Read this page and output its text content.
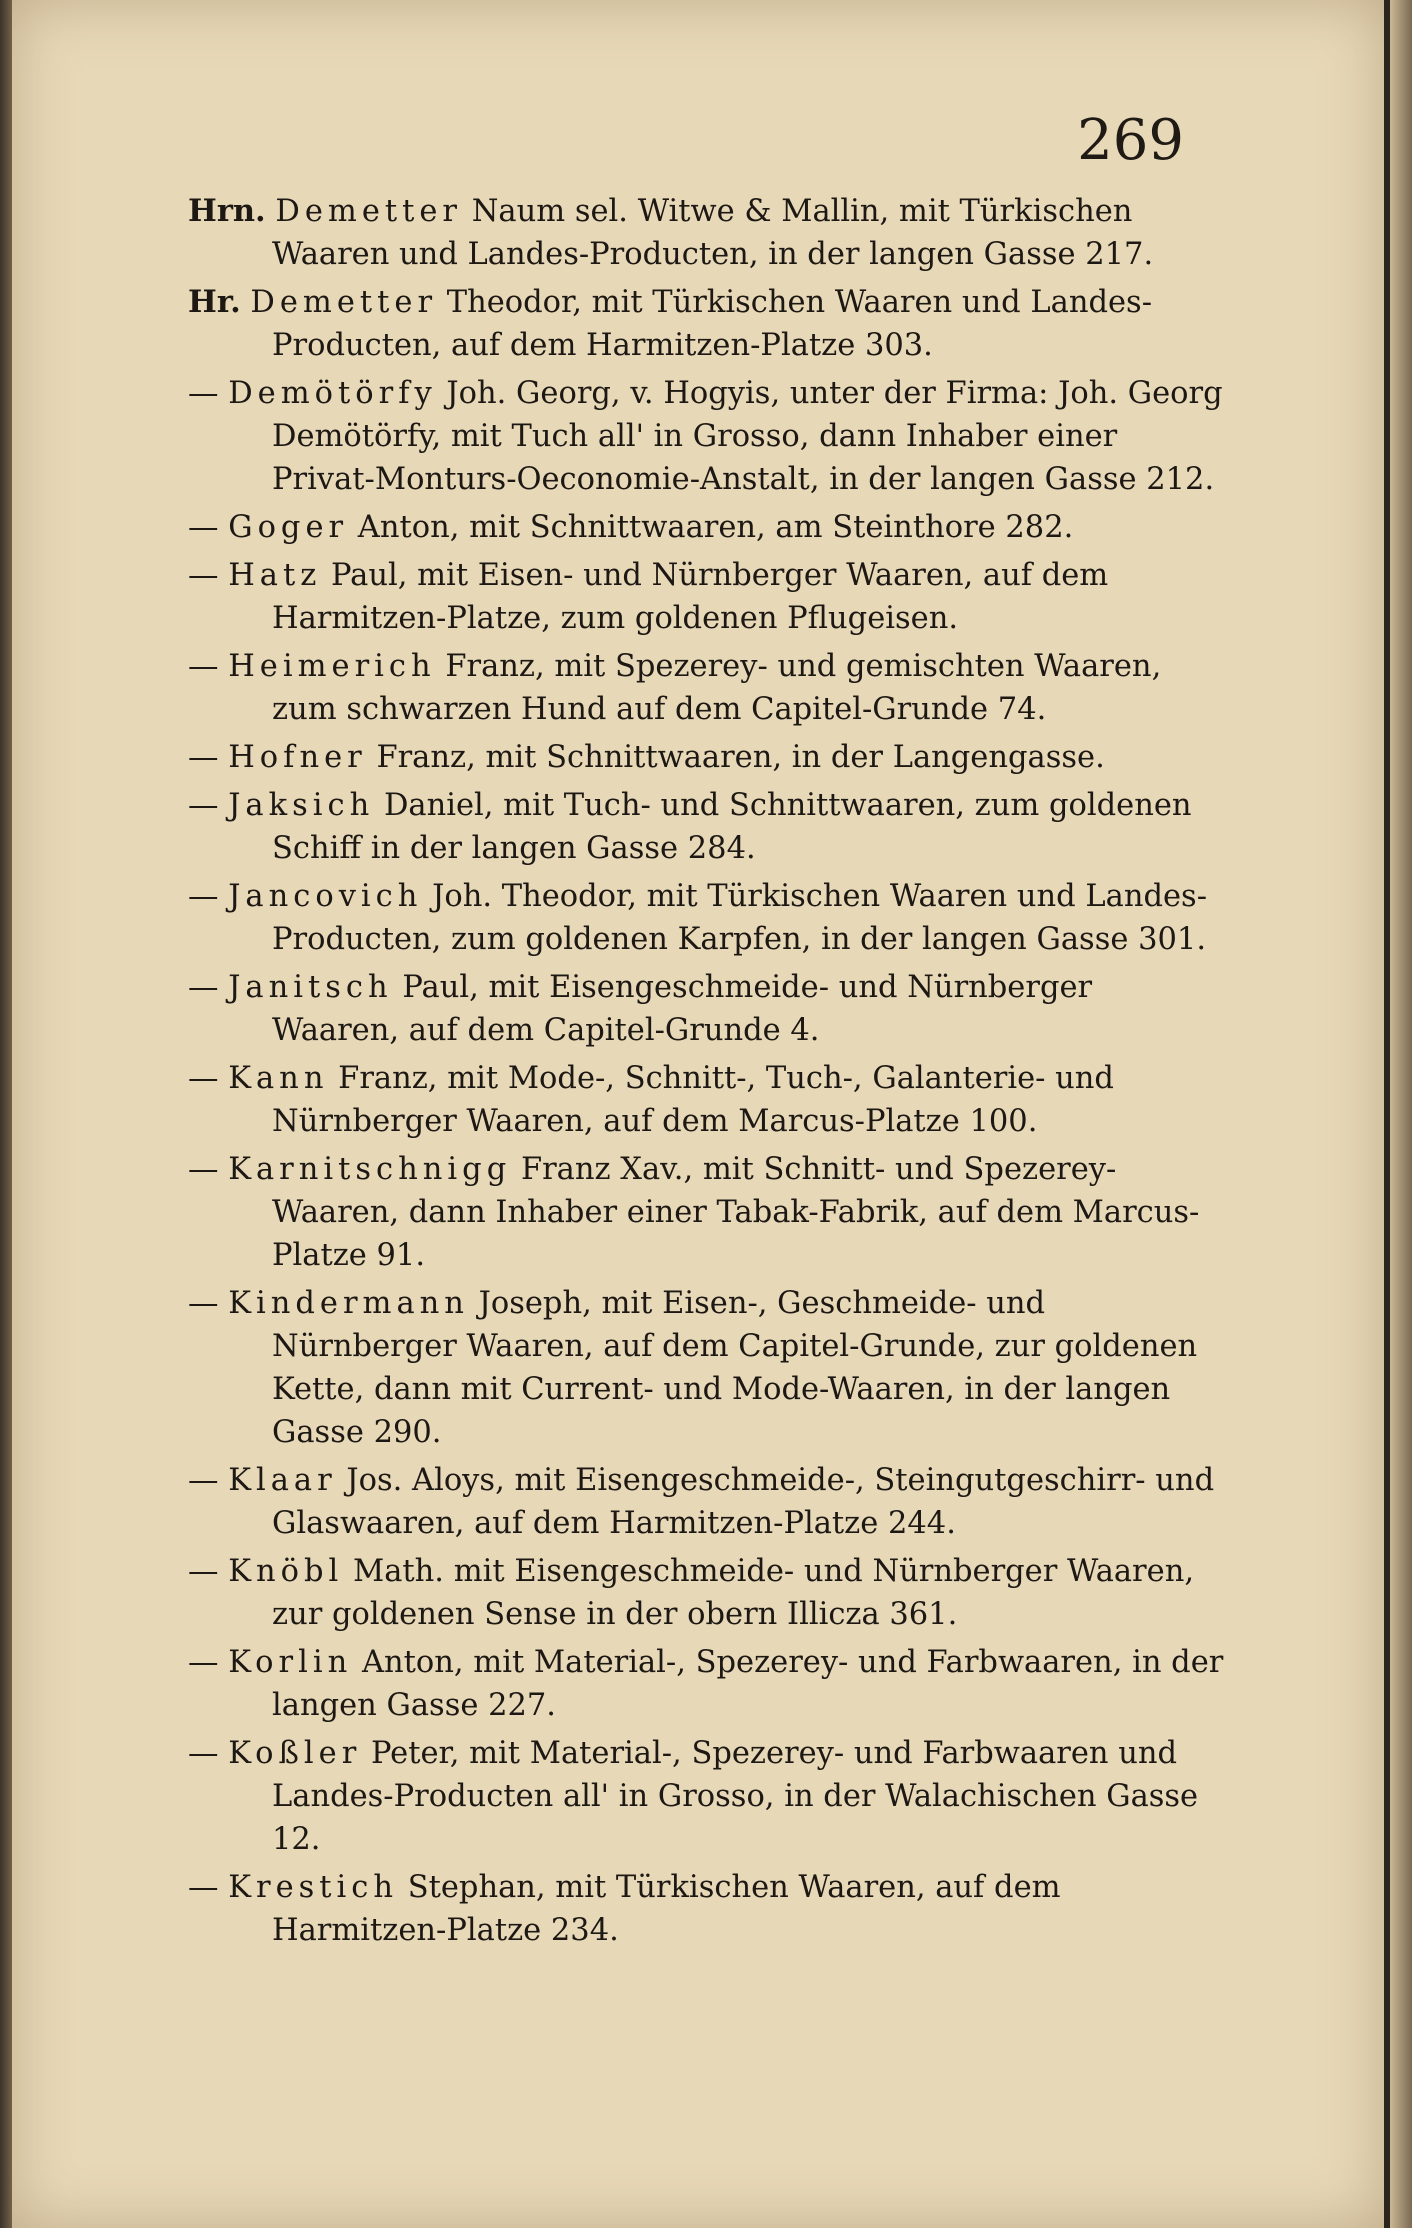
269

Hrn. Demetter Naum sel. Witwe & Mallin, mit Türkischen Waaren und Landes-Producten, in der langen Gasse 217.

Hr. Demetter Theodor, mit Türkischen Waaren und Landes-Producten, auf dem Harmitzen-Platze 303.

— Demötörfy Joh. Georg, v. Hogyis, unter der Firma: Joh. Georg Demötörfy, mit Tuch all' in Grosso, dann Inhaber einer Privat-Monturs-Oeconomie-Anstalt, in der langen Gasse 212.

— Goger Anton, mit Schnittwaaren, am Steinthore 282.

— Hatz Paul, mit Eisen- und Nürnberger Waaren, auf dem Harmitzen-Platze, zum goldenen Pflugeisen.

— Heimerich Franz, mit Spezerey- und gemischten Waaren, zum schwarzen Hund auf dem Capitel-Grunde 74.

— Hofner Franz, mit Schnittwaaren, in der Langengasse.

— Jaksich Daniel, mit Tuch- und Schnittwaaren, zum goldenen Schiff in der langen Gasse 284.

— Jancovich Joh. Theodor, mit Türkischen Waaren und Landes-Producten, zum goldenen Karpfen, in der langen Gasse 301.

— Janitsch Paul, mit Eisengeschmeide- und Nürnberger Waaren, auf dem Capitel-Grunde 4.

— Kann Franz, mit Mode-, Schnitt-, Tuch-, Galanterie- und Nürnberger Waaren, auf dem Marcus-Platze 100.

— Karnitschnigg Franz Xav., mit Schnitt- und Spezerey-Waaren, dann Inhaber einer Tabak-Fabrik, auf dem Marcus-Platze 91.

— Kindermann Joseph, mit Eisen-, Geschmeide- und Nürnberger Waaren, auf dem Capitel-Grunde, zur goldenen Kette, dann mit Current- und Mode-Waaren, in der langen Gasse 290.

— Klaar Jos. Aloys, mit Eisengeschmeide-, Steingutgeschirr- und Glaswaaren, auf dem Harmitzen-Platze 244.

— Knöbl Math. mit Eisengeschmeide- und Nürnberger Waaren, zur goldenen Sense in der obern Illicza 361.

— Korlin Anton, mit Material-, Spezerey- und Farbwaaren, in der langen Gasse 227.

— Koßler Peter, mit Material-, Spezerey- und Farbwaaren und Landes-Producten all' in Grosso, in der Walachischen Gasse 12.

— Krestich Stephan, mit Türkischen Waaren, auf dem Harmitzen-Platze 234.
